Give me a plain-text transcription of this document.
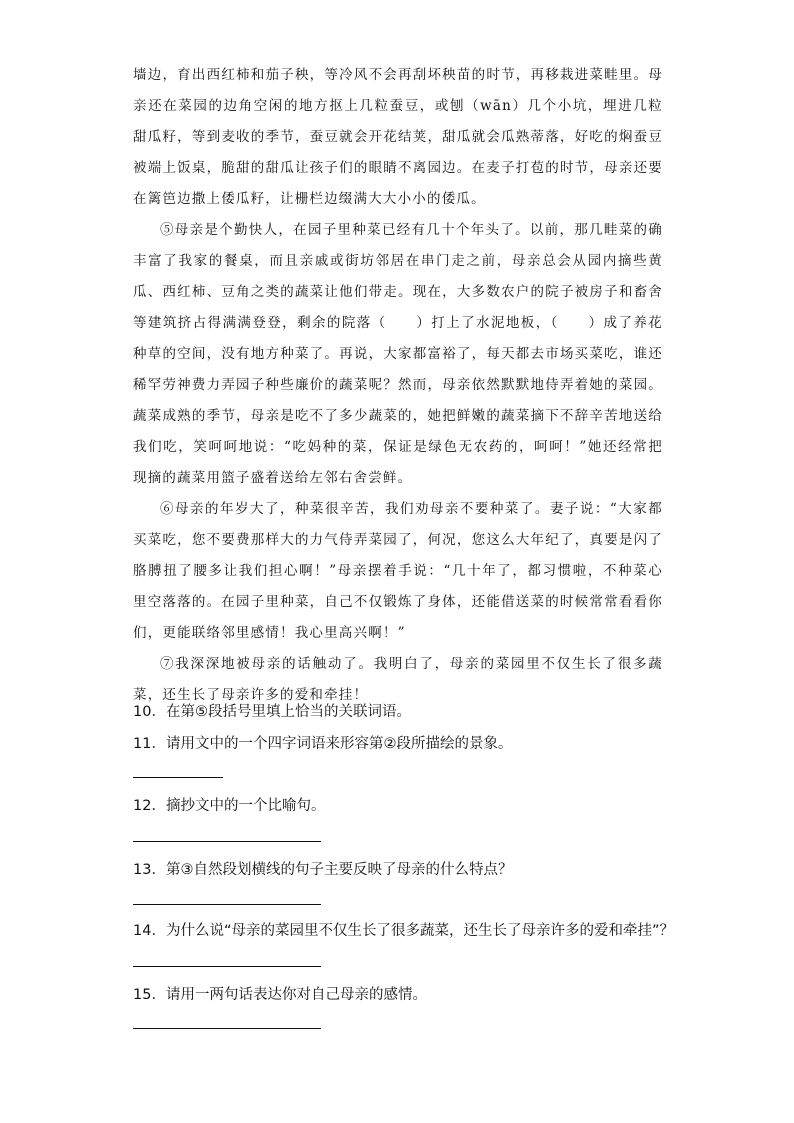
墙边，育出西红柿和茄子秧，等冷风不会再刮坏秧苗的时节，再移栽进菜畦里。母亲还在菜园的边角空闲的地方抠上几粒蚕豆，或刨（wān）几个小坑，埋进几粒甜瓜籽，等到麦收的季节，蚕豆就会开花结荚，甜瓜就会瓜熟蒂落，好吃的焖蚕豆被端上饭桌，脆甜的甜瓜让孩子们的眼睛不离园边。在麦子打苞的时节，母亲还要在篱笆边撒上倭瓜籽，让栅栏边缀满大大小小的倭瓜。

⑤母亲是个勤快人，在园子里种菜已经有几十个年头了。以前，那几畦菜的确丰富了我家的餐桌，而且亲戚或街坊邻居在串门走之前，母亲总会从园内摘些黄瓜、西红柿、豆角之类的蔬菜让他们带走。现在，大多数农户的院子被房子和畜舍等建筑挤占得满满登登，剩余的院落（　　）打上了水泥地板，（　　）成了养花种草的空间，没有地方种菜了。再说，大家都富裕了，每天都去市场买菜吃，谁还稀罕劳神费力弄园子种些廉价的蔬菜呢？然而，母亲依然默默地侍弄着她的菜园。蔬菜成熟的季节，母亲是吃不了多少蔬菜的，她把鲜嫩的蔬菜摘下不辞辛苦地送给我们吃，笑呵呵地说：“吃妈种的菜，保证是绿色无农药的，呵呵！”她还经常把现摘的蔬菜用篮子盛着送给左邻右舍尝鲜。

⑥母亲的年岁大了，种菜很辛苦，我们劝母亲不要种菜了。妻子说：“大家都买菜吃，您不要费那样大的力气侍弄菜园了，何况，您这么大年纪了，真要是闪了胳膊扭了腰多让我们担心啊！”母亲摆着手说：“几十年了，都习惯啦，不种菜心里空落落的。在园子里种菜，自己不仅锻炼了身体，还能借送菜的时候常常看看你们，更能联络邻里感情！我心里高兴啊！”

⑦我深深地被母亲的话触动了。我明白了，母亲的菜园里不仅生长了很多蔬菜，还生长了母亲许多的爱和牵挂！

10．在第⑤段括号里填上恰当的关联词语。
11．请用文中的一个四字词语来形容第②段所描绘的景象。
12．摘抄文中的一个比喻句。
13．第③自然段划横线的句子主要反映了母亲的什么特点？
14．为什么说“母亲的菜园里不仅生长了很多蔬菜，还生长了母亲许多的爱和牵挂”？
15．请用一两句话表达你对自己母亲的感情。
